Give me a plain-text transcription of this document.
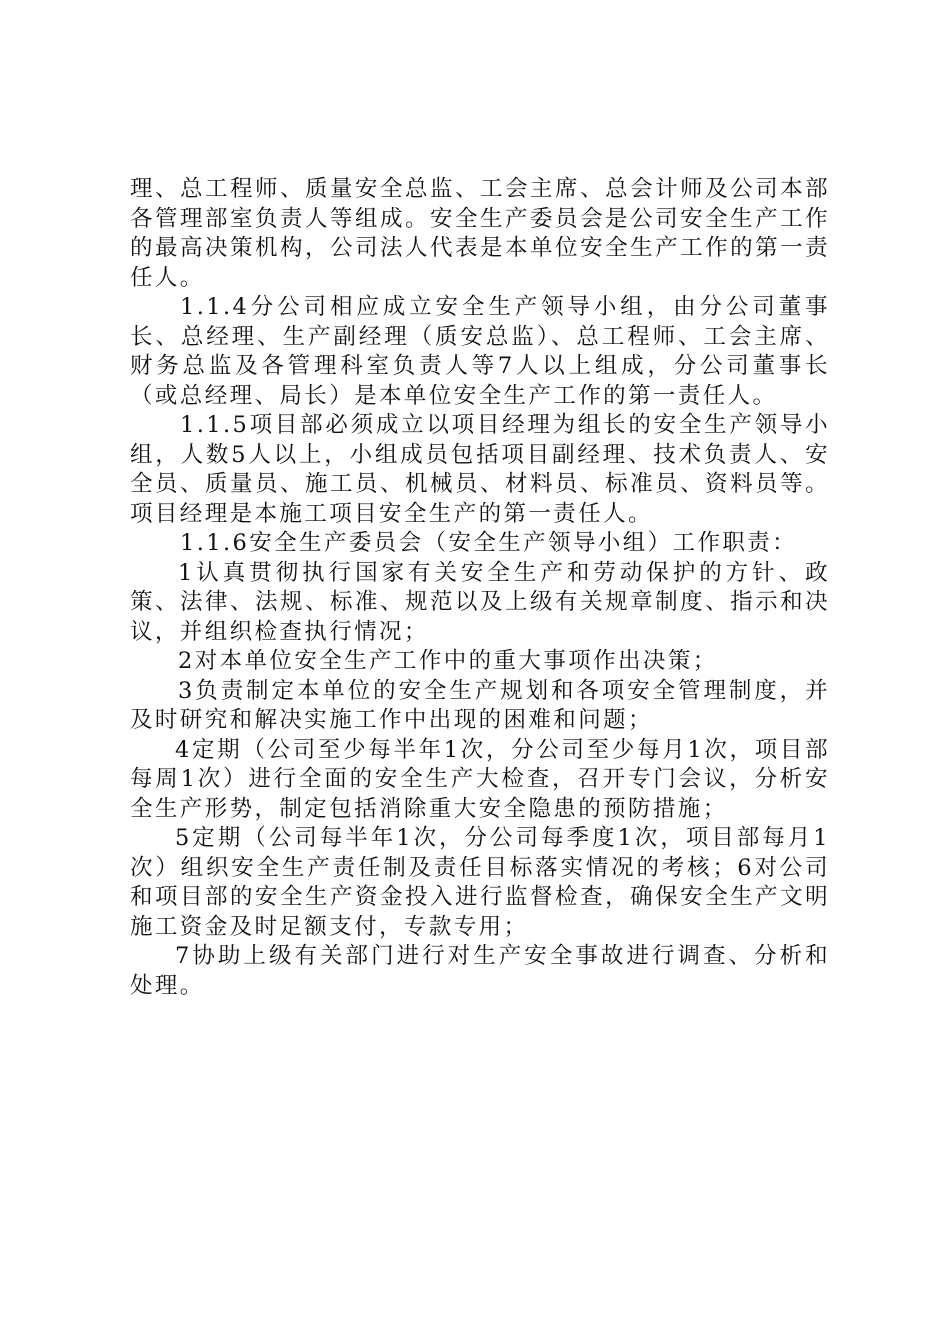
理、总工程师、质量安全总监、工会主席、总会计师及公司本部各管理部室负责人等组成。安全生产委员会是公司安全生产工作的最高决策机构，公司法人代表是本单位安全生产工作的第一责任人。

1.1.4分公司相应成立安全生产领导小组，由分公司董事长、总经理、生产副经理（质安总监）、总工程师、工会主席、财务总监及各管理科室负责人等7人以上组成，分公司董事长（或总经理、局长）是本单位安全生产工作的第一责任人。

1.1.5项目部必须成立以项目经理为组长的安全生产领导小组，人数5人以上，小组成员包括项目副经理、技术负责人、安全员、质量员、施工员、机械员、材料员、标准员、资料员等。项目经理是本施工项目安全生产的第一责任人。

1.1.6安全生产委员会（安全生产领导小组）工作职责：

1认真贯彻执行国家有关安全生产和劳动保护的方针、政策、法律、法规、标准、规范以及上级有关规章制度、指示和决议，并组织检查执行情况；

2对本单位安全生产工作中的重大事项作出决策；

3负责制定本单位的安全生产规划和各项安全管理制度，并及时研究和解决实施工作中出现的困难和问题；

4定期（公司至少每半年1次，分公司至少每月1次，项目部每周1次）进行全面的安全生产大检查，召开专门会议，分析安全生产形势，制定包括消除重大安全隐患的预防措施；

5定期（公司每半年1次，分公司每季度1次，项目部每月1次）组织安全生产责任制及责任目标落实情况的考核；6对公司和项目部的安全生产资金投入进行监督检查，确保安全生产文明施工资金及时足额支付，专款专用；

7协助上级有关部门进行对生产安全事故进行调查、分析和处理。
